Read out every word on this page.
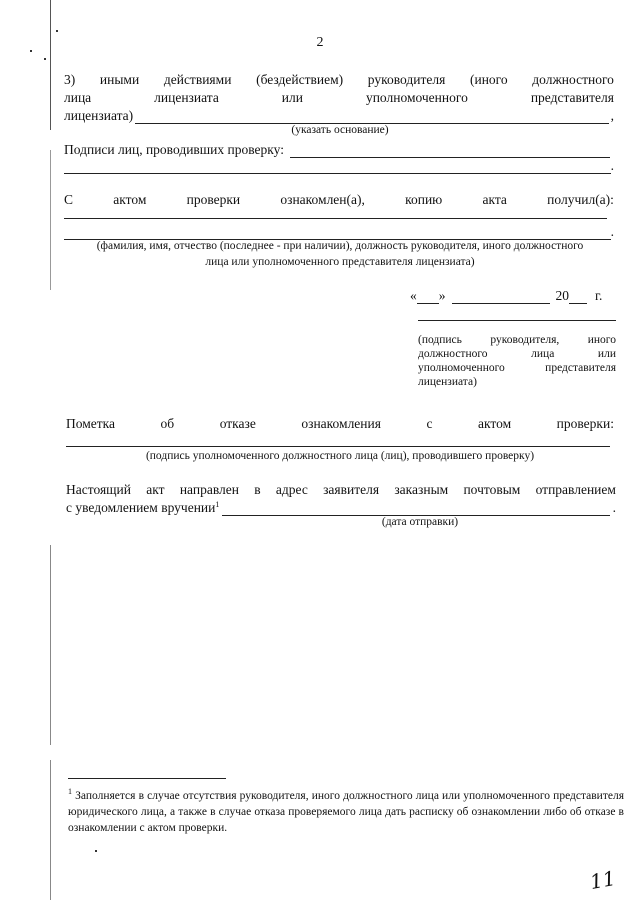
2
3) иными действиями (бездействием) руководителя (иного должностного
лица	лицензиата	или	уполномоченного	представителя
лицензиата)	,
(указать основание)
Подписи лиц, проводивших проверку:
.
С	актом	проверки	ознакомлен(а),	копию	акта	получил(а):
.
(фамилия, имя, отчество (последнее - при наличии), должность руководителя, иного должностного
лица или уполномоченного представителя лицензиата)
« »	20 г.
(подпись руководителя, иного
должностного	лица	или
уполномоченного	представителя
лицензиата)
Пометка	об	отказе	ознакомления	с	актом	проверки:
(подпись уполномоченного должностного лица (лиц), проводившего проверку)
Настоящий акт направлен в адрес заявителя заказным почтовым отправлением
с уведомлением вручении$^1$	.
(дата отправки)
$^1$ Заполняется в случае отсутствия руководителя, иного должностного лица или уполномоченного представителя юридического лица, а также в случае отказа проверяемого лица дать расписку об ознакомлении либо об отказе в ознакомлении с актом проверки.
11
